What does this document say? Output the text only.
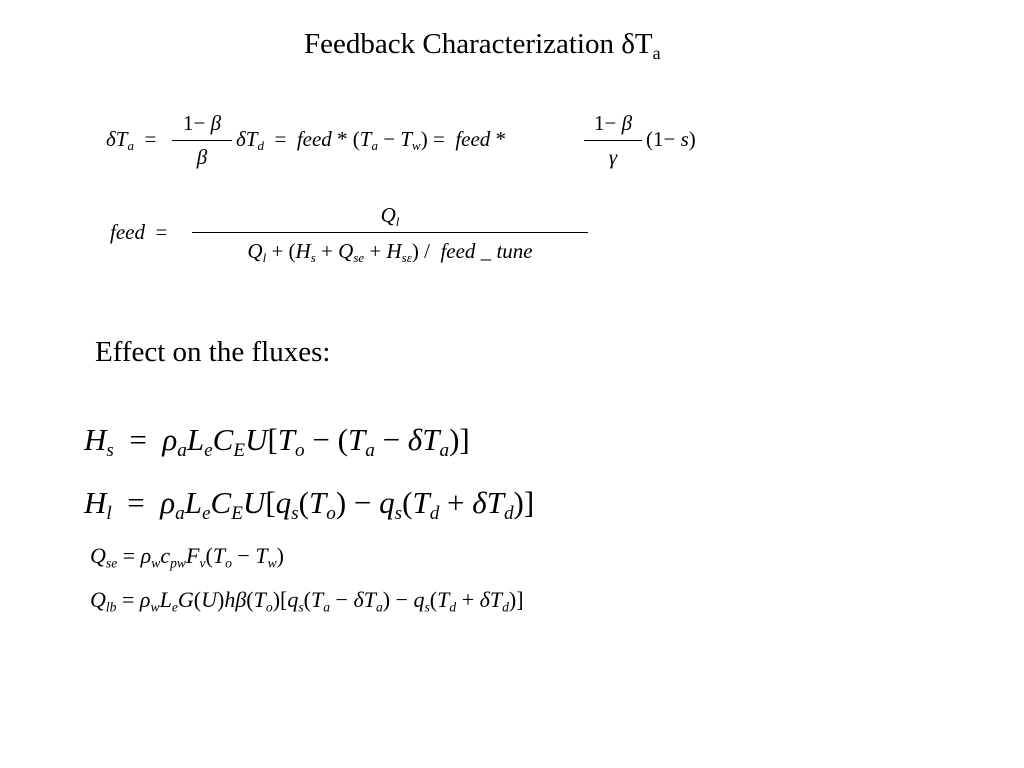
Feedback Characterization $\delta T_a$
$\delta T_a$  =
1− β
β
$\delta T_d$  =  feed * $(T_a - T_w)$ =  feed *
1− β
γ
(1− s)
feed  =
$Q_l$
$Q_l + (H_s + Q_{se} + H_{s\varepsilon})$ /  feed _ tune
Effect on the fluxes:
$H_s = \rho_aL_eC_EU[T_o - (T_a - \delta T_a)]$
$H_l = \rho_aL_eC_EU[q_s(T_o) - q_s(T_d + \delta T_d)]$
$Q_{se} = \rho_wc_{pw}F_v(T_o - T_w)$
$Q_{lb} = \rho_wL_eG(U)h\beta(T_o)[q_s(T_a - \delta T_a) - q_s(T_d + \delta T_d)]$
